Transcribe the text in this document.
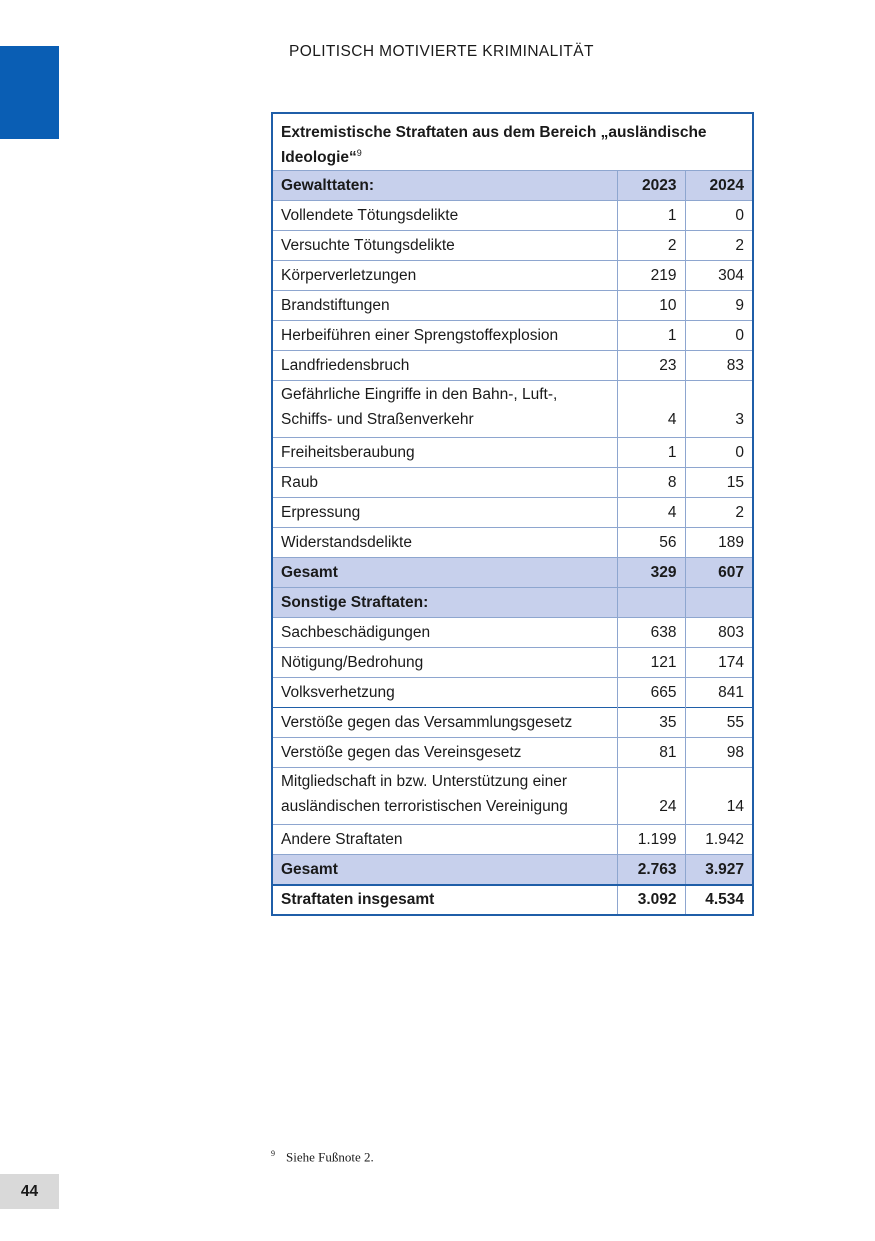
POLITISCH MOTIVIERTE KRIMINALITÄT
Extremistische Straftaten aus dem Bereich „ausländische Ideologie“$^9$
Gewalttaten:	2023	2024
Vollendete Tötungsdelikte	1	0
Versuchte Tötungsdelikte	2	2
Körperverletzungen	219	304
Brandstiftungen	10	9
Herbeiführen einer Sprengstoffexplosion	1	0
Landfriedensbruch	23	83
Gefährliche Eingriffe in den Bahn-, Luft-,
Schiffs- und Straßenverkehr	4	3
Freiheitsberaubung	1	0
Raub	8	15
Erpressung	4	2
Widerstandsdelikte	56	189
Gesamt	329	607
Sonstige Straftaten:		
Sachbeschädigungen	638	803
Nötigung/Bedrohung	121	174
Volksverhetzung	665	841
Verstöße gegen das Versammlungsgesetz	35	55
Verstöße gegen das Vereinsgesetz	81	98
Mitgliedschaft in bzw. Unterstützung einer
ausländischen terroristischen Vereinigung	24	14
Andere Straftaten	1.199	1.942
Gesamt	2.763	3.927
Straftaten insgesamt	3.092	4.534
$^9$ Siehe Fußnote 2.
44
